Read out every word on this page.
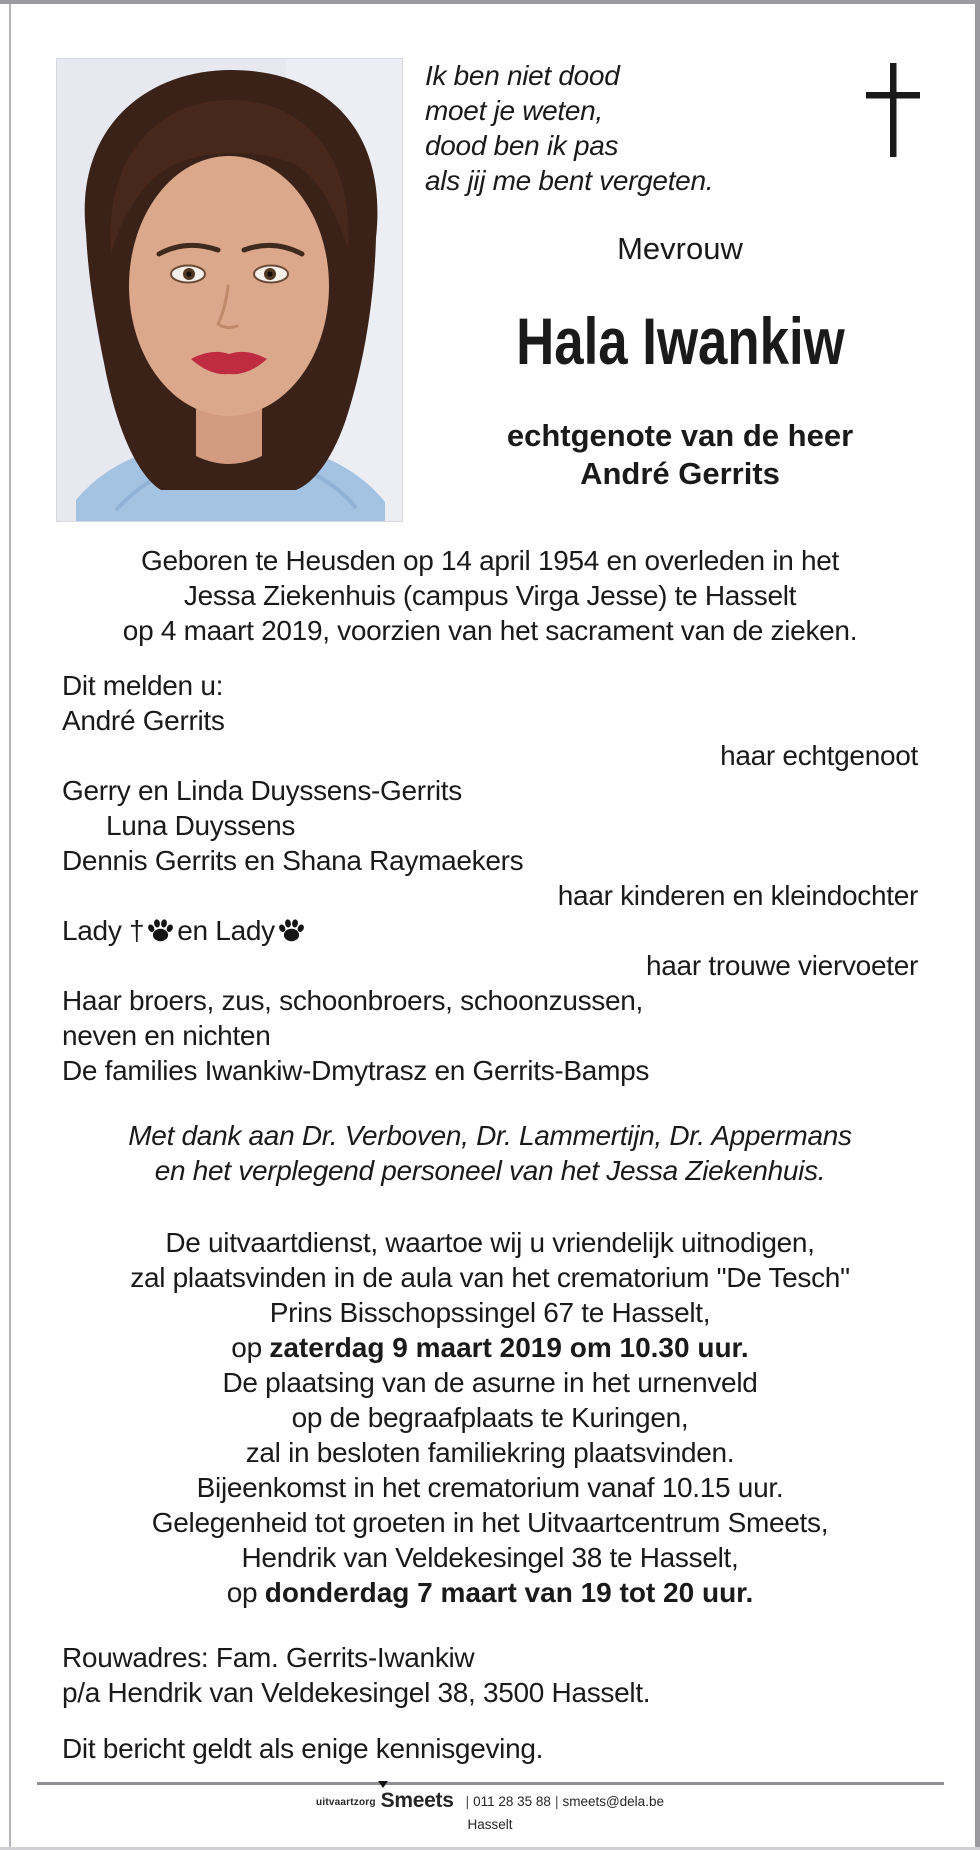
Ik ben niet dood
moet je weten,
dood ben ik pas
als jij me bent vergeten.
Mevrouw
Hala Iwankiw
echtgenote van de heer
André Gerrits
Geboren te Heusden op 14 april 1954 en overleden in het
Jessa Ziekenhuis (campus Virga Jesse) te Hasselt
op 4 maart 2019, voorzien van het sacrament van de zieken.
Dit melden u:
André Gerrits
haar echtgenoot
Gerry en Linda Duyssens-Gerrits
Luna Duyssens
Dennis Gerrits en Shana Raymaekers
haar kinderen en kleindochter
Lady † en Lady
haar trouwe viervoeter
Haar broers, zus, schoonbroers, schoonzussen,
neven en nichten
De families Iwankiw-Dmytrasz en Gerrits-Bamps
Met dank aan Dr. Verboven, Dr. Lammertijn, Dr. Appermans
en het verplegend personeel van het Jessa Ziekenhuis.
De uitvaartdienst, waartoe wij u vriendelijk uitnodigen,
zal plaatsvinden in de aula van het crematorium "De Tesch"
Prins Bisschopssingel 67 te Hasselt,
op zaterdag 9 maart 2019 om 10.30 uur.
De plaatsing van de asurne in het urnenveld
op de begraafplaats te Kuringen,
zal in besloten familiekring plaatsvinden.
Bijeenkomst in het crematorium vanaf 10.15 uur.
Gelegenheid tot groeten in het Uitvaartcentrum Smeets,
Hendrik van Veldekesingel 38 te Hasselt,
op donderdag 7 maart van 19 tot 20 uur.
Rouwadres: Fam. Gerrits-Iwankiw
p/a Hendrik van Veldekesingel 38, 3500 Hasselt.
Dit bericht geldt als enige kennisgeving.
uitvaartzorg Smeets | 011 28 35 88 | smeets@dela.be
Hasselt
